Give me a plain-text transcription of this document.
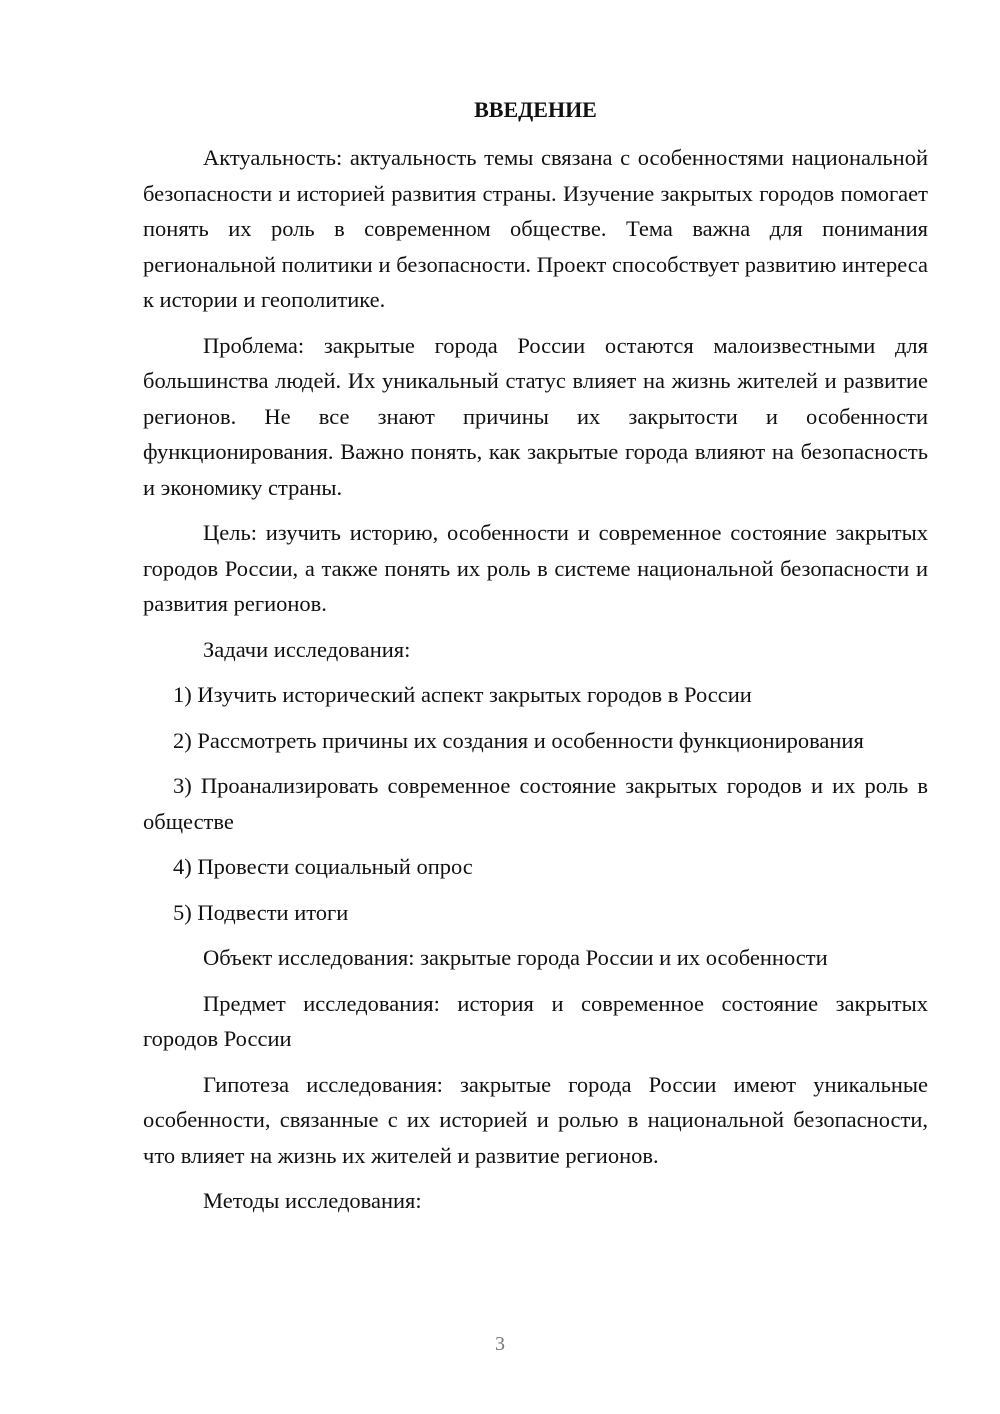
ВВЕДЕНИЕ

Актуальность: актуальность темы связана с особенностями национальной безопасности и историей развития страны. Изучение закрытых городов помогает понять их роль в современном обществе. Тема важна для понимания региональной политики и безопасности. Проект способствует развитию интереса к истории и геополитике.

Проблема: закрытые города России остаются малоизвестными для большинства людей. Их уникальный статус влияет на жизнь жителей и развитие регионов. Не все знают причины их закрытости и особенности функционирования. Важно понять, как закрытые города влияют на безопасность и экономику страны.

Цель: изучить историю, особенности и современное состояние закрытых городов России, а также понять их роль в системе национальной безопасности и развития регионов.

Задачи исследования:

1) Изучить исторический аспект закрытых городов в России

2) Рассмотреть причины их создания и особенности функционирования

3) Проанализировать современное состояние закрытых городов и их роль в обществе

4) Провести социальный опрос

5) Подвести итоги

Объект исследования: закрытые города России и их особенности

Предмет исследования: история и современное состояние закрытых городов России

Гипотеза исследования: закрытые города России имеют уникальные особенности, связанные с их историей и ролью в национальной безопасности, что влияет на жизнь их жителей и развитие регионов.

Методы исследования:

3
